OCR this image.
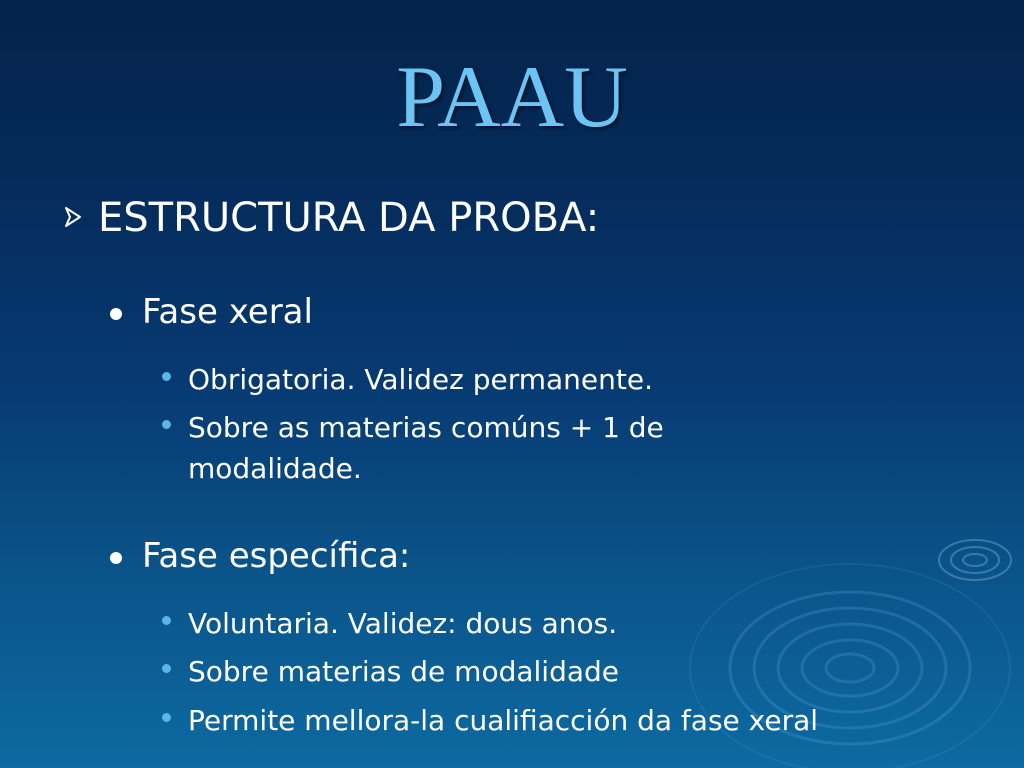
PAAU
ESTRUCTURA DA PROBA:
Fase xeral
Obrigatoria. Validez permanente.
Sobre as materias comúns + 1 de
modalidade.
Fase específica:
Voluntaria. Validez: dous anos.
Sobre materias de modalidade
Permite mellora-la cualifiacción da fase xeral
